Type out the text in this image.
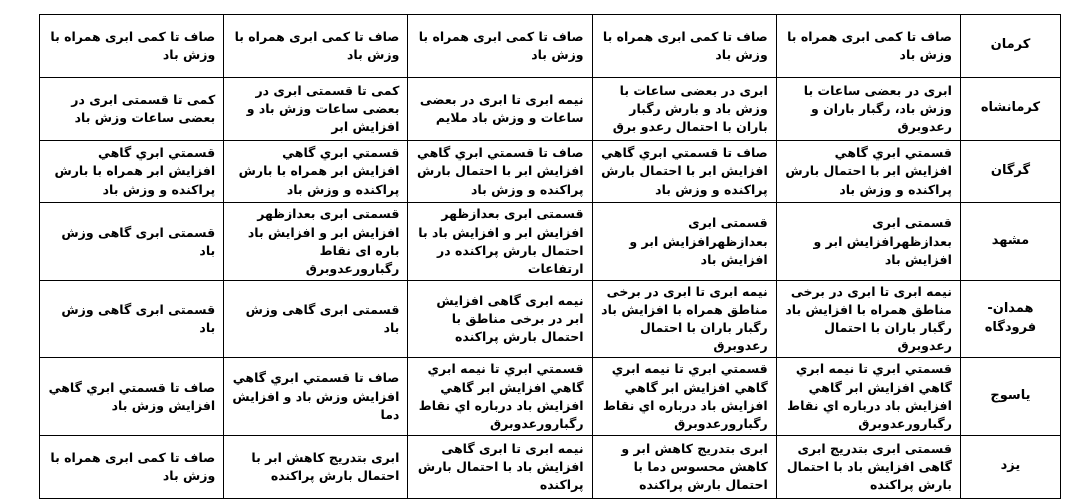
کرمان	صاف تا کمی ابری همراه با وزش باد	صاف تا کمی ابری همراه با وزش باد	صاف تا کمی ابری همراه با وزش باد	صاف تا کمی ابری همراه با وزش باد	صاف تا کمی ابری همراه با وزش باد
کرمانشاه	ابری در بعضی ساعات با وزش باد، رگبار باران و رعدوبرق	ابری در بعضی ساعات با وزش باد و بارش رگبار باران با احتمال رعدو برق	نیمه ابری تا ابری در بعضی ساعات و وزش باد ملایم	کمی تا قسمتی ابری در بعضی ساعات وزش باد و افزایش ابر	کمی تا قسمتی ابری در بعضی ساعات وزش باد
گرگان	قسمتي ابري گاهي افزايش ابر با احتمال بارش پراكنده و وزش باد	صاف تا قسمتي ابري گاهي افزايش ابر با احتمال بارش پراكنده و وزش باد	صاف تا قسمتي ابري گاهي افزايش ابر با احتمال بارش پراكنده و وزش باد	قسمتي ابري گاهي افزايش ابر همراه با بارش پراكنده و وزش باد	قسمتي ابري گاهي افزايش ابر همراه با بارش پراكنده و وزش باد
مشهد	قسمتی ابری بعدازظهرافزایش ابر و افزایش باد	قسمتی ابری بعدازظهرافزایش ابر و افزایش باد	قسمتی ابری بعدازظهر افزایش ابر و افزایش باد با احتمال بارش پراکنده در ارتفاعات	قسمتی ابری بعدازظهر افزایش ابر و افزایش باد باره ای نقاط رگبارورعدوبرق	قسمتی ابری گاهی وزش باد
همدان- فرودگاه	نیمه ابری تا ابری در برخی مناطق همراه با افزایش باد رگبار باران با احتمال رعدوبرق	نیمه ابری تا ابری در برخی مناطق همراه با افزایش باد رگبار باران با احتمال رعدوبرق	نیمه ابری گاهی افزایش ابر در برخی مناطق با احتمال بارش پراکنده	قسمتی ابری گاهی وزش باد	قسمتی ابری گاهی وزش باد
یاسوج	قسمتي ابري تا نيمه ابري گاهي افزايش ابر گاهي افزايش باد درباره اي نقاط رگبارورعدوبرق	قسمتي ابري تا نيمه ابري گاهي افزايش ابر گاهي افزايش باد درباره اي نقاط رگبارورعدوبرق	قسمتي ابري تا نيمه ابري گاهي افزايش ابر گاهي افزايش باد درباره اي نقاط رگبارورعدوبرق	صاف تا قسمتي ابري گاهي افزايش وزش باد و افزايش دما	صاف تا قسمتي ابري گاهي افزايش وزش باد
یزد	قسمتی ابری بتدریج ابری گاهی افزایش باد با احتمال بارش پراکنده	ابری بتدریج کاهش ابر و کاهش محسوس دما با احتمال بارش پراکنده	نیمه ابری تا ابری گاهی افزایش باد با احتمال بارش پراکنده	ابری بتدریج کاهش ابر با احتمال بارش پراکنده	صاف تا کمی ابری همراه با وزش باد
